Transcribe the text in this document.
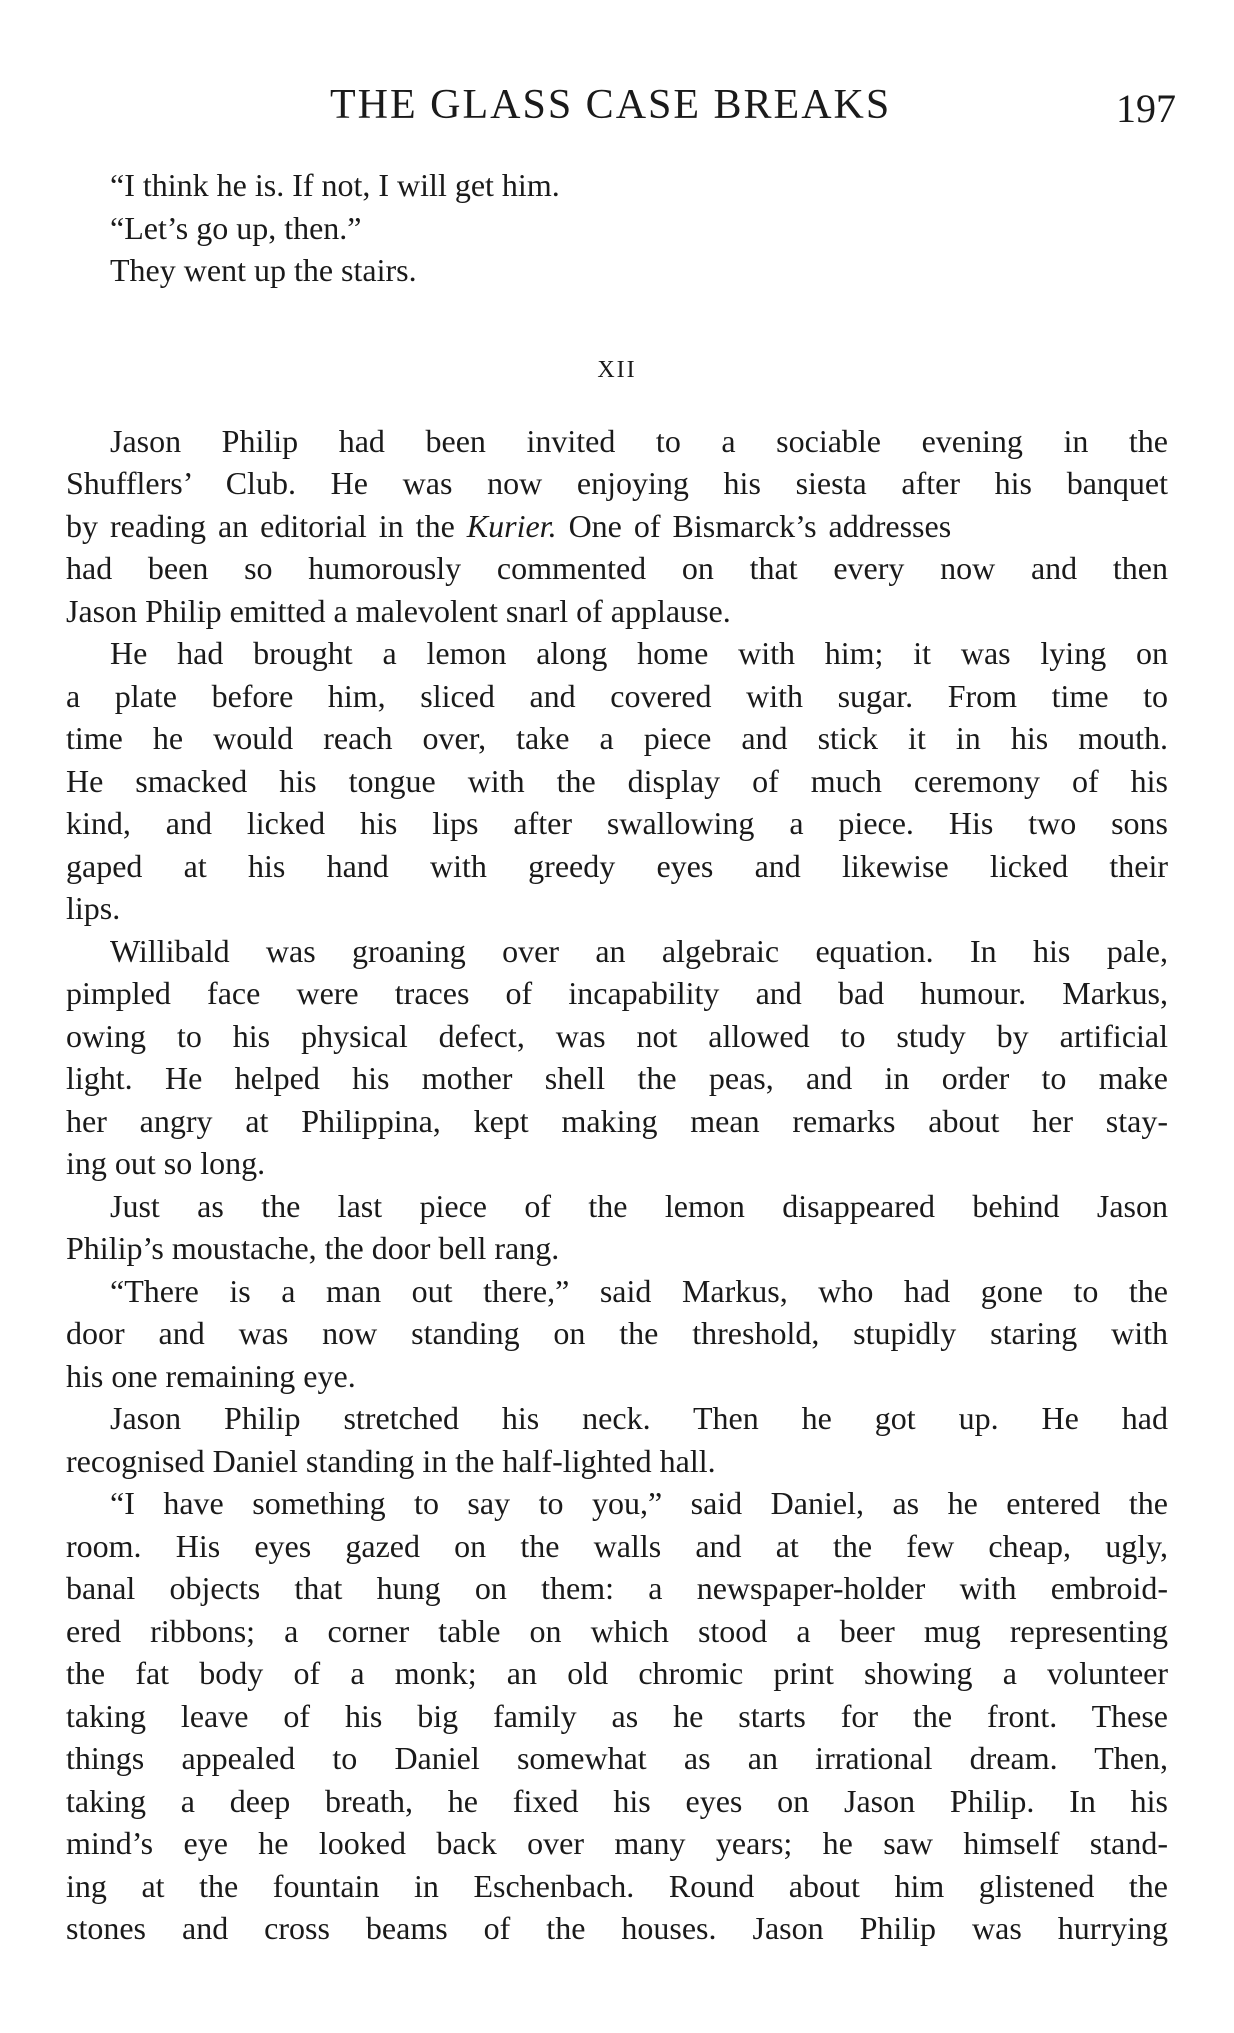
THE GLASS CASE BREAKS	197
“I think he is. If not, I will get him.
“Let’s go up, then.”
They went up the stairs.
XII
Jason Philip had been invited to a sociable evening in the
Shufflers’ Club. He was now enjoying his siesta after his banquet
by reading an editorial in the Kurier. One of Bismarck’s addresses
had been so humorously commented on that every now and then
Jason Philip emitted a malevolent snarl of applause.
He had brought a lemon along home with him; it was lying on
a plate before him, sliced and covered with sugar. From time to
time he would reach over, take a piece and stick it in his mouth.
He smacked his tongue with the display of much ceremony of his
kind, and licked his lips after swallowing a piece. His two sons
gaped at his hand with greedy eyes and likewise licked their
lips.
Willibald was groaning over an algebraic equation. In his pale,
pimpled face were traces of incapability and bad humour. Markus,
owing to his physical defect, was not allowed to study by artificial
light. He helped his mother shell the peas, and in order to make
her angry at Philippina, kept making mean remarks about her stay-
ing out so long.
Just as the last piece of the lemon disappeared behind Jason
Philip’s moustache, the door bell rang.
“There is a man out there,” said Markus, who had gone to the
door and was now standing on the threshold, stupidly staring with
his one remaining eye.
Jason Philip stretched his neck. Then he got up. He had
recognised Daniel standing in the half-lighted hall.
“I have something to say to you,” said Daniel, as he entered the
room. His eyes gazed on the walls and at the few cheap, ugly,
banal objects that hung on them: a newspaper-holder with embroid-
ered ribbons; a corner table on which stood a beer mug representing
the fat body of a monk; an old chromic print showing a volunteer
taking leave of his big family as he starts for the front. These
things appealed to Daniel somewhat as an irrational dream. Then,
taking a deep breath, he fixed his eyes on Jason Philip. In his
mind’s eye he looked back over many years; he saw himself stand-
ing at the fountain in Eschenbach. Round about him glistened the
stones and cross beams of the houses. Jason Philip was hurrying
